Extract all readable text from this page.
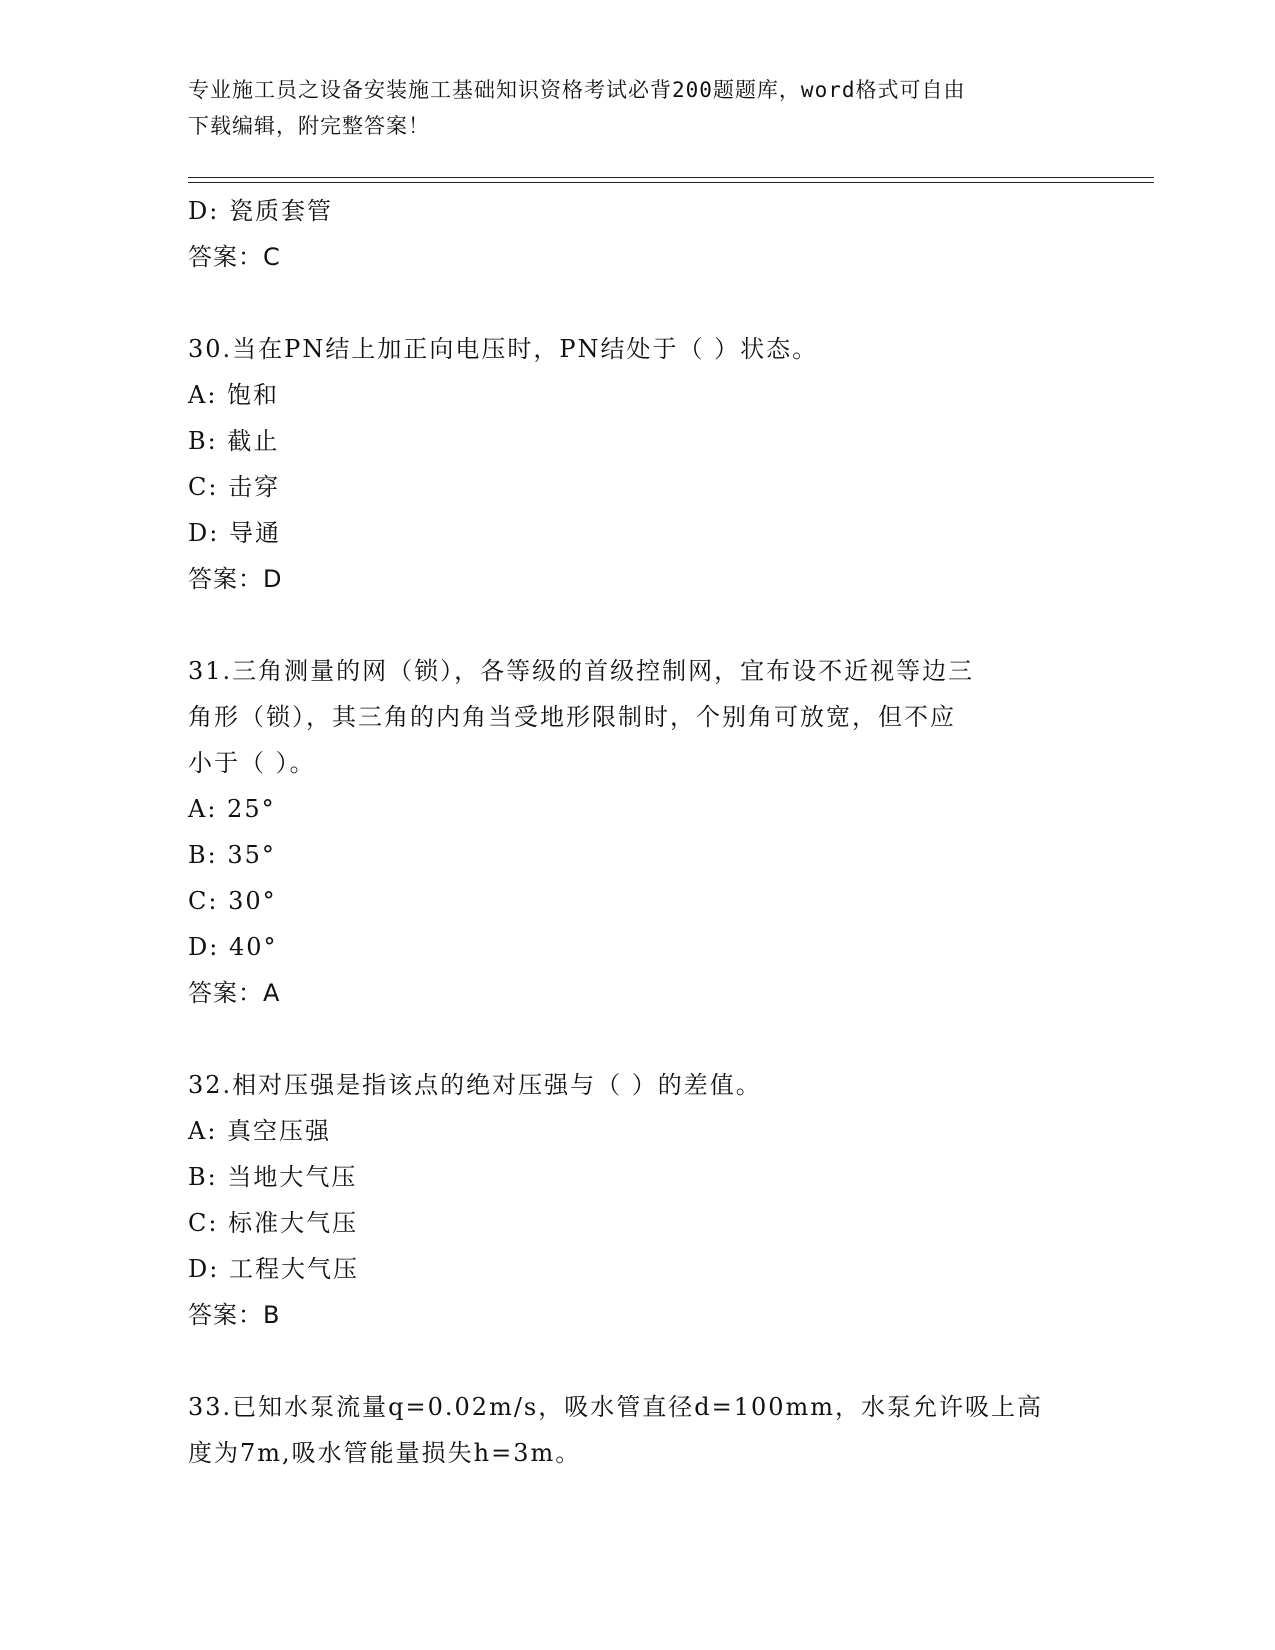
专业施工员之设备安装施工基础知识资格考试必背200题题库，word格式可自由
下载编辑，附完整答案！
D: 瓷质套管
答案：C
30.当在PN结上加正向电压时，PN结处于（ ）状态。
A: 饱和
B: 截止
C: 击穿
D: 导通
答案：D
31.三角测量的网（锁），各等级的首级控制网，宜布设不近视等边三
角形（锁），其三角的内角当受地形限制时，个别角可放宽，但不应
小于（ ）。
A: 25°
B: 35°
C: 30°
D: 40°
答案：A
32.相对压强是指该点的绝对压强与（ ）的差值。
A: 真空压强
B: 当地大气压
C: 标准大气压
D: 工程大气压
答案：B
33.已知水泵流量q=0.02m/s，吸水管直径d=100mm，水泵允许吸上高
度为7m,吸水管能量损失h=3m。
